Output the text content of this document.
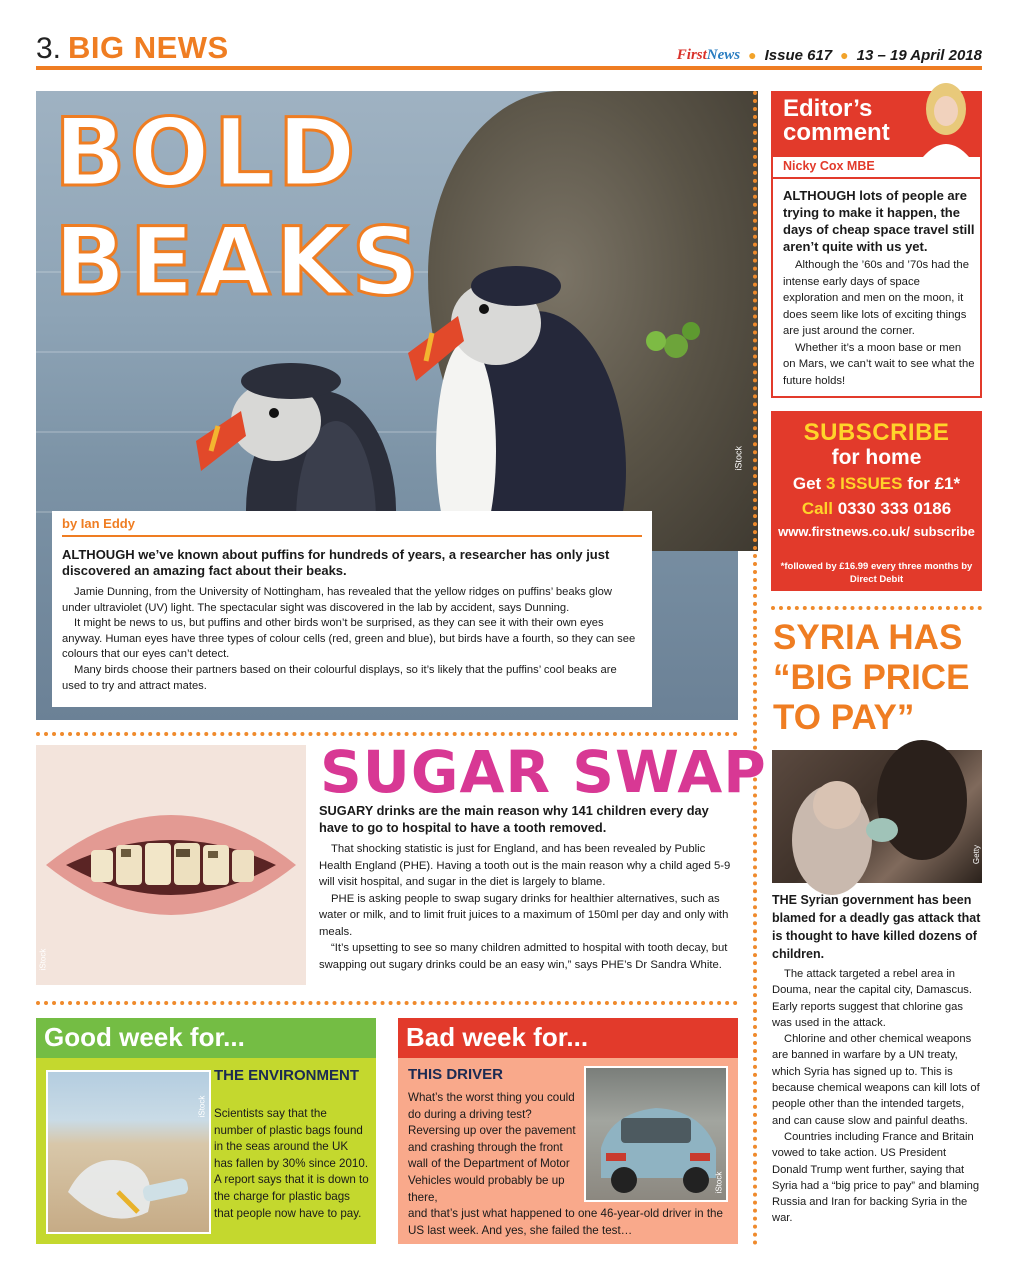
3. BIG NEWS	FirstNews ● Issue 617 ● 13 – 19 April 2018
BOLD BEAKS
iStock
by Ian Eddy

ALTHOUGH we’ve known about puffins for hundreds of years, a researcher has only just discovered an amazing fact about their beaks.

Jamie Dunning, from the University of Nottingham, has revealed that the yellow ridges on puffins’ beaks glow under ultraviolet (UV) light. The spectacular sight was discovered in the lab by accident, says Dunning.

It might be news to us, but puffins and other birds won’t be surprised, as they can see it with their own eyes anyway. Human eyes have three types of colour cells (red, green and blue), but birds have a fourth, so they can see colours that our eyes can’t detect.

Many birds choose their partners based on their colourful displays, so it’s likely that the puffins’ cool beaks are used to try and attract mates.

Editor’s
comment
Nicky Cox MBE

ALTHOUGH lots of people are trying to make it happen, the days of cheap space travel still aren’t quite with us yet.

Although the ’60s and ’70s had the intense early days of space exploration and men on the moon, it does seem like lots of exciting things are just around the corner.

Whether it’s a moon base or men on Mars, we can’t wait to see what the future holds!

SUBSCRIBE
for home
Get 3 ISSUES for £1*
Call 0330 333 0186
www.firstnews.co.uk/ subscribe
*followed by £16.99 every three months by Direct Debit
SYRIA HAS “BIG PRICE TO PAY”
Getty

THE Syrian government has been blamed for a deadly gas attack that is thought to have killed dozens of children.

The attack targeted a rebel area in Douma, near the capital city, Damascus. Early reports suggest that chlorine gas was used in the attack.

Chlorine and other chemical weapons are banned in warfare by a UN treaty, which Syria has signed up to. This is because chemical weapons can kill lots of people other than the intended targets, and can cause slow and painful deaths.

Countries including France and Britain vowed to take action. US President Donald Trump went further, saying that Syria had a “big price to pay” and blaming Russia and Iran for backing Syria in the war.

iStock
SUGAR SWAP

SUGARY drinks are the main reason why 141 children every day have to go to hospital to have a tooth removed.

That shocking statistic is just for England, and has been revealed by Public Health England (PHE). Having a tooth out is the main reason why a child aged 5-9 will visit hospital, and sugar in the diet is largely to blame.

PHE is asking people to swap sugary drinks for healthier alternatives, such as water or milk, and to limit fruit juices to a maximum of 150ml per day and only with meals.

“It’s upsetting to see so many children admitted to hospital with tooth decay, but swapping out sugary drinks could be an easy win,” says PHE’s Dr Sandra White.

Good week for...
iStock
THE ENVIRONMENT
Scientists say that the number of plastic bags found in the seas around the UK has fallen by 30% since 2010. A report says that it is down to the charge for plastic bags that people now have to pay.
Bad week for...
THIS DRIVER
iStock
What’s the worst thing you could do during a driving test? Reversing up over the pavement and crashing through the front wall of the Department of Motor Vehicles would probably be up there,
and that’s just what happened to one 46-year-old driver in the US last week. And yes, she failed the test…
